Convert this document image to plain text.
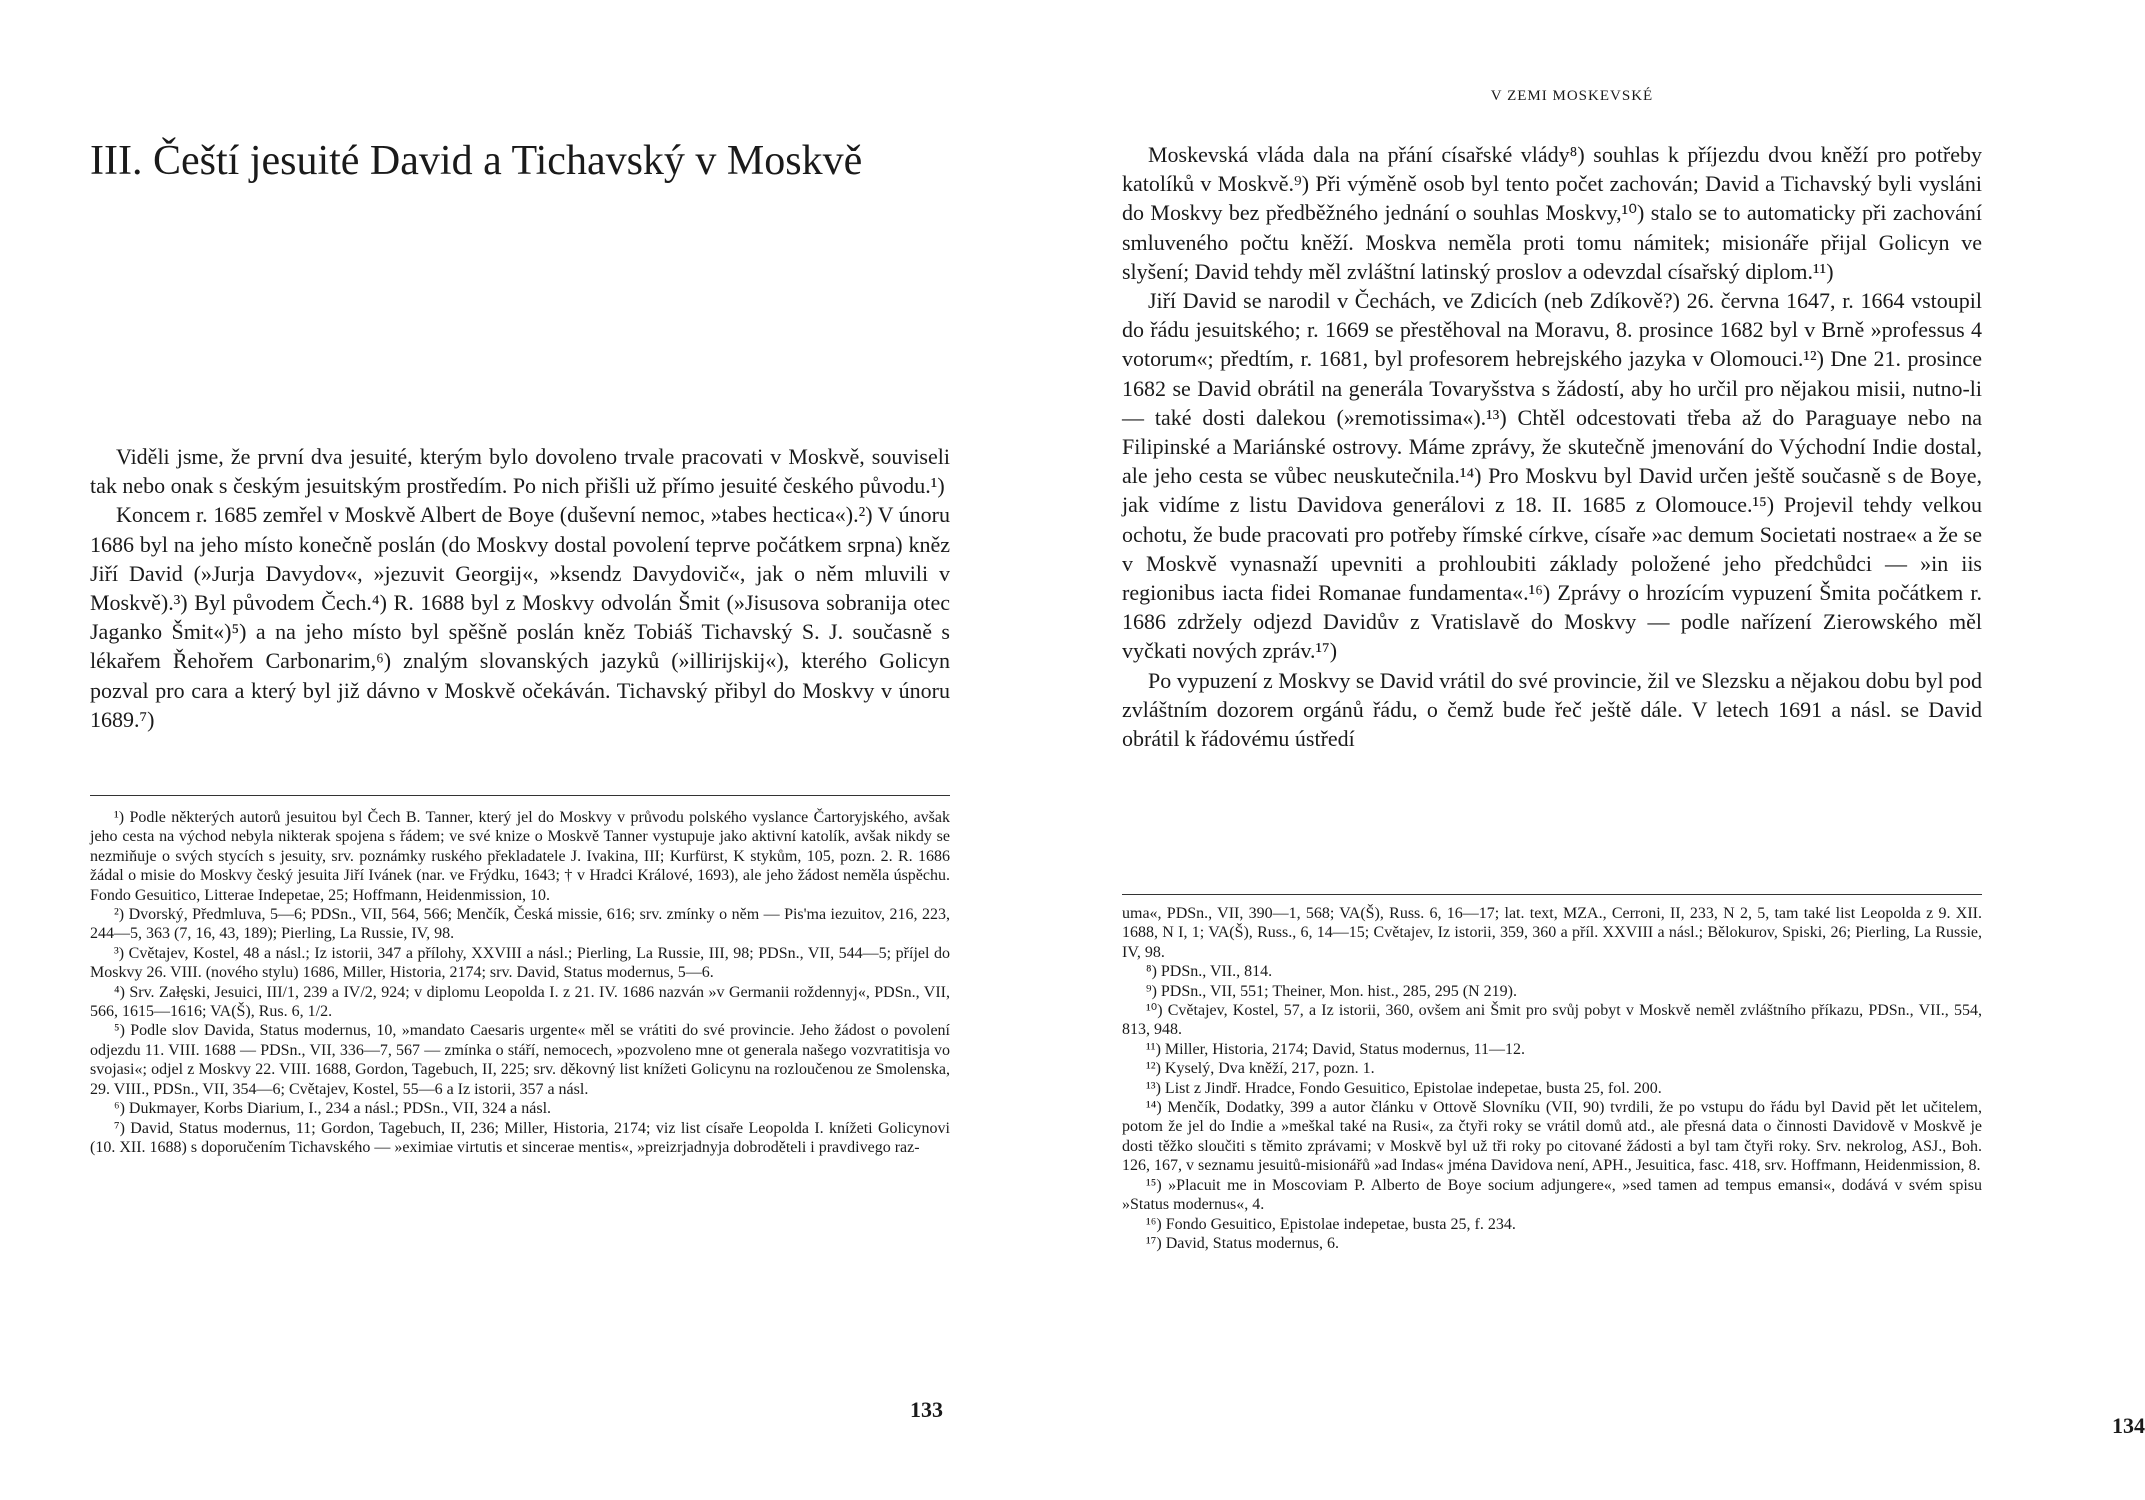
III. Čeští jesuité David a Tichavský v Moskvě

Viděli jsme, že první dva jesuité, kterým bylo dovoleno trvale pracovati v Moskvě, souviseli tak nebo onak s českým jesuitským prostředím. Po nich přišli už přímo jesuité českého původu.¹)

Koncem r. 1685 zemřel v Moskvě Albert de Boye (duševní nemoc, »tabes hectica«).²) V únoru 1686 byl na jeho místo konečně poslán (do Moskvy dostal povolení teprve počátkem srpna) kněz Jiří David (»Jurja Davydov«, »jezuvit Georgij«, »ksendz Davydovič«, jak o něm mluvili v Moskvě).³) Byl původem Čech.⁴) R. 1688 byl z Moskvy odvolán Šmit (»Jisusova sobranija otec Jaganko Šmit«)⁵) a na jeho místo byl spěšně poslán kněz Tobiáš Tichavský S. J. současně s lékařem Řehořem Carbonarim,⁶) znalým slovanských jazyků (»illirijskij«), kterého Golicyn pozval pro cara a který byl již dávno v Moskvě očekáván. Tichavský přibyl do Moskvy v únoru 1689.⁷)

¹) Podle některých autorů jesuitou byl Čech B. Tanner, který jel do Moskvy v průvodu polského vyslance Čartoryjského, avšak jeho cesta na východ nebyla nikterak spojena s řádem; ve své knize o Moskvě Tanner vystupuje jako aktivní katolík, avšak nikdy se nezmiňuje o svých stycích s jesuity, srv. poznámky ruského překladatele J. Ivakina, III; Kurfürst, K stykům, 105, pozn. 2. R. 1686 žádal o misie do Moskvy český jesuita Jiří Ivánek (nar. ve Frýdku, 1643; † v Hradci Králové, 1693), ale jeho žádost neměla úspěchu. Fondo Gesuitico, Litterae Indepetae, 25; Hoffmann, Heidenmission, 10.

²) Dvorský, Předmluva, 5—6; PDSn., VII, 564, 566; Menčík, Česká missie, 616; srv. zmínky o něm — Pis'ma iezuitov, 216, 223, 244—5, 363 (7, 16, 43, 189); Pierling, La Russie, IV, 98.

³) Cvětajev, Kostel, 48 a násl.; Iz istorii, 347 a přílohy, XXVIII a násl.; Pierling, La Russie, III, 98; PDSn., VII, 544—5; příjel do Moskvy 26. VIII. (nového stylu) 1686, Miller, Historia, 2174; srv. David, Status modernus, 5—6.

⁴) Srv. Załęski, Jesuici, III/1, 239 a IV/2, 924; v diplomu Leopolda I. z 21. IV. 1686 nazván »v Germanii roždennyj«, PDSn., VII, 566, 1615—1616; VA(Š), Rus. 6, 1/2.

⁵) Podle slov Davida, Status modernus, 10, »mandato Caesaris urgente« měl se vrátiti do své provincie. Jeho žádost o povolení odjezdu 11. VIII. 1688 — PDSn., VII, 336—7, 567 — zmínka o stáří, nemocech, »pozvoleno mne ot generala našego vozvratitisja vo svojasi«; odjel z Moskvy 22. VIII. 1688, Gordon, Tagebuch, II, 225; srv. děkovný list knížeti Golicynu na rozloučenou ze Smolenska, 29. VIII., PDSn., VII, 354—6; Cvětajev, Kostel, 55—6 a Iz istorii, 357 a násl.

⁶) Dukmayer, Korbs Diarium, I., 234 a násl.; PDSn., VII, 324 a násl.

⁷) David, Status modernus, 11; Gordon, Tagebuch, II, 236; Miller, Historia, 2174; viz list císaře Leopolda I. knížeti Golicynovi (10. XII. 1688) s doporučením Tichavského — »eximiae virtutis et sincerae mentis«, »preizrjadnyja dobroděteli i pravdivego raz-

133
V ZEMI MOSKEVSKÉ

Moskevská vláda dala na přání císařské vlády⁸) souhlas k příjezdu dvou kněží pro potřeby katolíků v Moskvě.⁹) Při výměně osob byl tento počet zachován; David a Tichavský byli vysláni do Moskvy bez předběžného jednání o souhlas Moskvy,¹⁰) stalo se to automaticky při zachování smluveného počtu kněží. Moskva neměla proti tomu námitek; misionáře přijal Golicyn ve slyšení; David tehdy měl zvláštní latinský proslov a odevzdal císařský diplom.¹¹)

Jiří David se narodil v Čechách, ve Zdicích (neb Zdíkově?) 26. června 1647, r. 1664 vstoupil do řádu jesuitského; r. 1669 se přestěhoval na Moravu, 8. prosince 1682 byl v Brně »professus 4 votorum«; předtím, r. 1681, byl profesorem hebrejského jazyka v Olomouci.¹²) Dne 21. prosince 1682 se David obrátil na generála Tovaryšstva s žádostí, aby ho určil pro nějakou misii, nutno-li — také dosti dalekou (»remotissima«).¹³) Chtěl odcestovati třeba až do Paraguaye nebo na Filipinské a Mariánské ostrovy. Máme zprávy, že skutečně jmenování do Východní Indie dostal, ale jeho cesta se vůbec neuskutečnila.¹⁴) Pro Moskvu byl David určen ještě současně s de Boye, jak vidíme z listu Davidova generálovi z 18. II. 1685 z Olomouce.¹⁵) Projevil tehdy velkou ochotu, že bude pracovati pro potřeby římské církve, císaře »ac demum Societati nostrae« a že se v Moskvě vynasnaží upevniti a prohloubiti základy položené jeho předchůdci — »in iis regionibus iacta fidei Romanae fundamenta«.¹⁶) Zprávy o hrozícím vypuzení Šmita počátkem r. 1686 zdržely odjezd Davidův z Vratislavě do Moskvy — podle nařízení Zierowského měl vyčkati nových zpráv.¹⁷)

Po vypuzení z Moskvy se David vrátil do své provincie, žil ve Slezsku a nějakou dobu byl pod zvláštním dozorem orgánů řádu, o čemž bude řeč ještě dále. V letech 1691 a násl. se David obrátil k řádovému ústředí

uma«, PDSn., VII, 390—1, 568; VA(Š), Russ. 6, 16—17; lat. text, MZA., Cerroni, II, 233, N 2, 5, tam také list Leopolda z 9. XII. 1688, N I, 1; VA(Š), Russ., 6, 14—15; Cvětajev, Iz istorii, 359, 360 a příl. XXVIII a násl.; Bělokurov, Spiski, 26; Pierling, La Russie, IV, 98.

⁸) PDSn., VII., 814.

⁹) PDSn., VII, 551; Theiner, Mon. hist., 285, 295 (N 219).

¹⁰) Cvětajev, Kostel, 57, a Iz istorii, 360, ovšem ani Šmit pro svůj pobyt v Moskvě neměl zvláštního příkazu, PDSn., VII., 554, 813, 948.

¹¹) Miller, Historia, 2174; David, Status modernus, 11—12.

¹²) Kyselý, Dva kněží, 217, pozn. 1.

¹³) List z Jindř. Hradce, Fondo Gesuitico, Epistolae indepetae, busta 25, fol. 200.

¹⁴) Menčík, Dodatky, 399 a autor článku v Ottově Slovníku (VII, 90) tvrdili, že po vstupu do řádu byl David pět let učitelem, potom že jel do Indie a »meškal také na Rusi«, za čtyři roky se vrátil domů atd., ale přesná data o činnosti Davidově v Moskvě je dosti těžko sloučiti s těmito zprávami; v Moskvě byl už tři roky po citované žádosti a byl tam čtyři roky. Srv. nekrolog, ASJ., Boh. 126, 167, v seznamu jesuitů-misionářů »ad Indas« jména Davidova není, APH., Jesuitica, fasc. 418, srv. Hoffmann, Heidenmission, 8.

¹⁵) »Placuit me in Moscoviam P. Alberto de Boye socium adjungere«, »sed tamen ad tempus emansi«, dodává v svém spisu »Status modernus«, 4.

¹⁶) Fondo Gesuitico, Epistolae indepetae, busta 25, f. 234.

¹⁷) David, Status modernus, 6.

134
